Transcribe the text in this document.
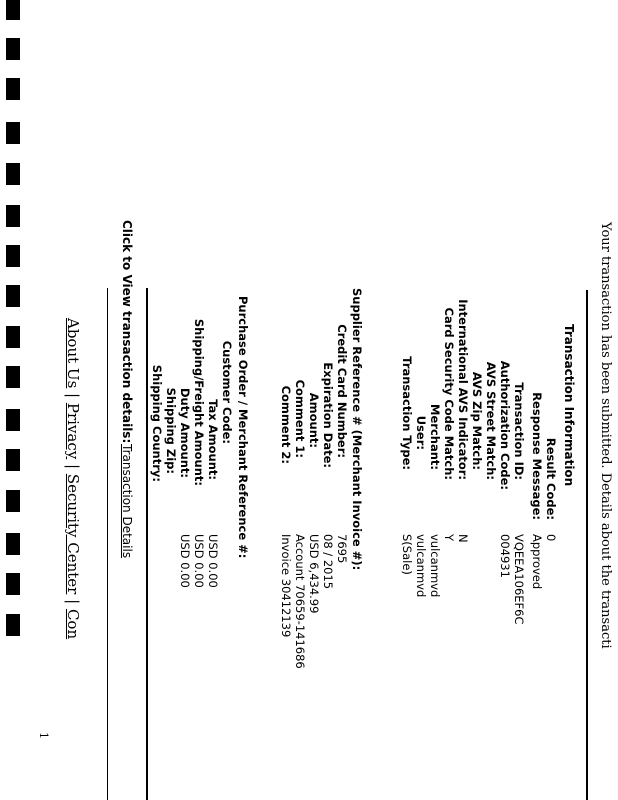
Your transaction has been submitted. Details about the transacti
Transaction Information
Result Code:
0
Response Message:
Approved
Transaction ID:
VQEEA106EF6C
Authorization Code:
004931
AVS Street Match:
AVS Zip Match:
International AVS Indicator:
N
Card Security Code Match:
Y
Merchant:
vulcanmvd
User:
vulcanmvd
Transaction Type:
S(Sale)
Credit Card Number:
7695
Expiration Date:
08 / 2015
Amount:
USD 6,434.99
Comment 1:
Account 70659-141686
Comment 2:
Invoice 30412139
Customer Code:
Tax Amount:
USD 0.00
Shipping/Freight Amount:
USD 0.00
Duty Amount:
USD 0.00
Shipping Zip:
Shipping Country:	Supplier Reference # (Merchant Invoice #):
Purchase Order / Merchant Reference #:
Click to View transaction details:
Transaction Details
About Us | Privacy | Security Center | Con
1
